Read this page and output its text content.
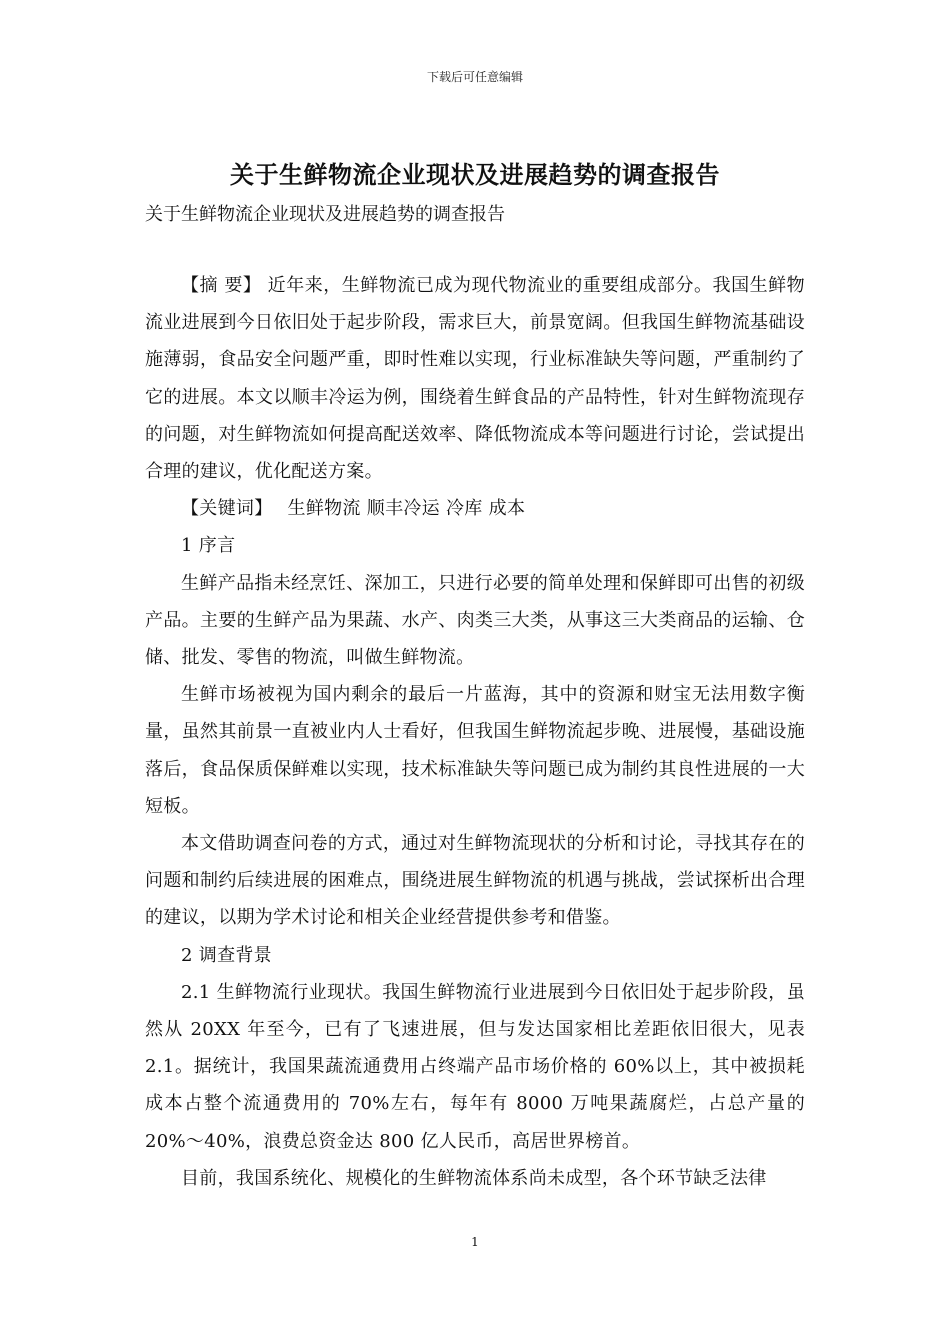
下载后可任意编辑
关于生鲜物流企业现状及进展趋势的调查报告
关于生鲜物流企业现状及进展趋势的调查报告

【摘 要】 近年来，生鲜物流已成为现代物流业的重要组成部分。我国生鲜物流业进展到今日依旧处于起步阶段，需求巨大，前景宽阔。但我国生鲜物流基础设施薄弱，食品安全问题严重，即时性难以实现，行业标准缺失等问题，严重制约了它的进展。本文以顺丰冷运为例，围绕着生鲜食品的产品特性，针对生鲜物流现存的问题，对生鲜物流如何提高配送效率、降低物流成本等问题进行讨论，尝试提出合理的建议，优化配送方案。

【关键词】 生鲜物流 顺丰冷运 冷库 成本

1 序言

生鲜产品指未经烹饪、深加工，只进行必要的简单处理和保鲜即可出售的初级产品。主要的生鲜产品为果蔬、水产、肉类三大类，从事这三大类商品的运输、仓储、批发、零售的物流，叫做生鲜物流。

生鲜市场被视为国内剩余的最后一片蓝海，其中的资源和财宝无法用数字衡量，虽然其前景一直被业内人士看好，但我国生鲜物流起步晚、进展慢，基础设施落后，食品保质保鲜难以实现，技术标准缺失等问题已成为制约其良性进展的一大短板。

本文借助调查问卷的方式，通过对生鲜物流现状的分析和讨论，寻找其存在的问题和制约后续进展的困难点，围绕进展生鲜物流的机遇与挑战，尝试探析出合理的建议，以期为学术讨论和相关企业经营提供参考和借鉴。

2 调查背景

2.1 生鲜物流行业现状。我国生鲜物流行业进展到今日依旧处于起步阶段，虽然从 20XX 年至今，已有了飞速进展，但与发达国家相比差距依旧很大，见表 2.1。据统计，我国果蔬流通费用占终端产品市场价格的 60%以上，其中被损耗成本占整个流通费用的 70%左右，每年有 8000 万吨果蔬腐烂，占总产量的 20%～40%，浪费总资金达 800 亿人民币，高居世界榜首。

目前，我国系统化、规模化的生鲜物流体系尚未成型，各个环节缺乏法律

1
